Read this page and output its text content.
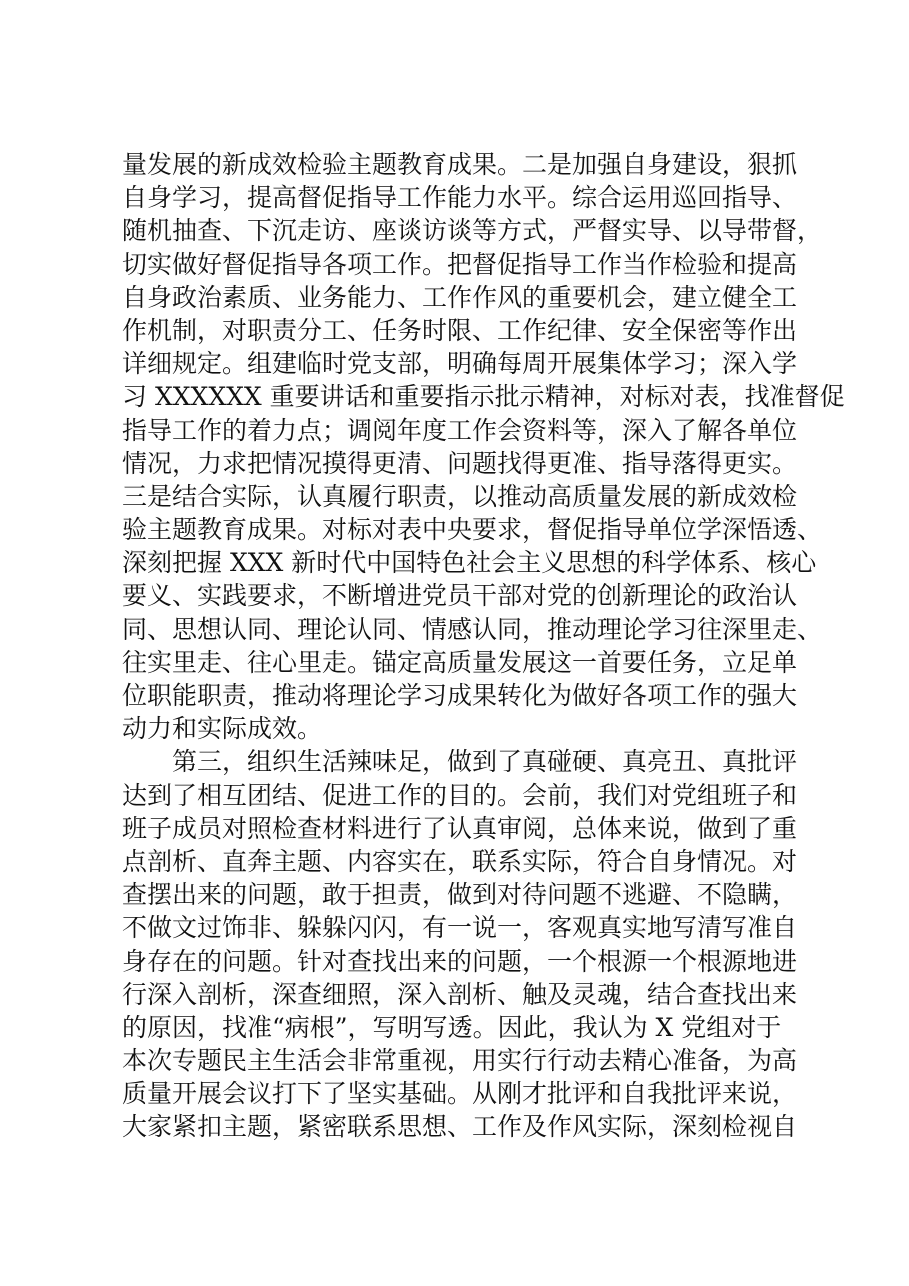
量发展的新成效检验主题教育成果。二是加强自身建设，狠抓

自身学习，提高督促指导工作能力水平。综合运用巡回指导、

随机抽查、下沉走访、座谈访谈等方式，严督实导、以导带督，

切实做好督促指导各项工作。把督促指导工作当作检验和提高

自身政治素质、业务能力、工作作风的重要机会，建立健全工

作机制，对职责分工、任务时限、工作纪律、安全保密等作出

详细规定。组建临时党支部，明确每周开展集体学习；深入学

习 XXXXXX 重要讲话和重要指示批示精神，对标对表，找准督促

指导工作的着力点；调阅年度工作会资料等，深入了解各单位

情况，力求把情况摸得更清、问题找得更准、指导落得更实。

三是结合实际，认真履行职责，以推动高质量发展的新成效检

验主题教育成果。对标对表中央要求，督促指导单位学深悟透、

深刻把握 XXX 新时代中国特色社会主义思想的科学体系、核心

要义、实践要求，不断增进党员干部对党的创新理论的政治认

同、思想认同、理论认同、情感认同，推动理论学习往深里走、

往实里走、往心里走。锚定高质量发展这一首要任务，立足单

位职能职责，推动将理论学习成果转化为做好各项工作的强大

动力和实际成效。

第三，组织生活辣味足，做到了真碰硬、真亮丑、真批评

达到了相互团结、促进工作的目的。会前，我们对党组班子和

班子成员对照检查材料进行了认真审阅，总体来说，做到了重

点剖析、直奔主题、内容实在，联系实际，符合自身情况。对

查摆出来的问题，敢于担责，做到对待问题不逃避、不隐瞒，

不做文过饰非、躲躲闪闪，有一说一，客观真实地写清写准自

身存在的问题。针对查找出来的问题，一个根源一个根源地进

行深入剖析，深查细照，深入剖析、触及灵魂，结合查找出来

的原因，找准“病根”，写明写透。因此，我认为 X 党组对于

本次专题民主生活会非常重视，用实行行动去精心准备，为高

质量开展会议打下了坚实基础。从刚才批评和自我批评来说，

大家紧扣主题，紧密联系思想、工作及作风实际，深刻检视自
